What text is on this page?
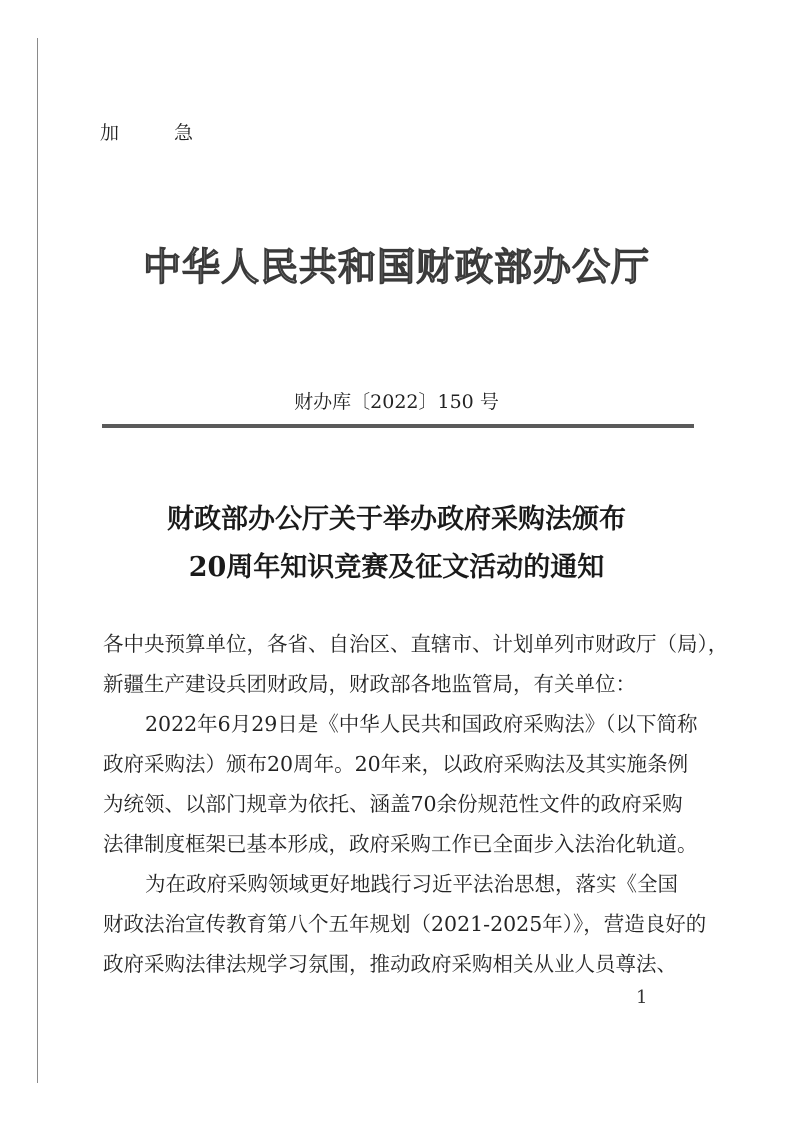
加　急
中华人民共和国财政部办公厅
财办库〔2022〕150 号
财政部办公厅关于举办政府采购法颁布
20周年知识竞赛及征文活动的通知

各中央预算单位，各省、自治区、直辖市、计划单列市财政厅（局），

新疆生产建设兵团财政局，财政部各地监管局，有关单位：

2022年6月29日是《中华人民共和国政府采购法》（以下简称

政府采购法）颁布20周年。20年来，以政府采购法及其实施条例

为统领、以部门规章为依托、涵盖70余份规范性文件的政府采购

法律制度框架已基本形成，政府采购工作已全面步入法治化轨道。

为在政府采购领域更好地践行习近平法治思想，落实《全国

财政法治宣传教育第八个五年规划（2021-2025年）》，营造良好的

政府采购法律法规学习氛围，推动政府采购相关从业人员尊法、

1
